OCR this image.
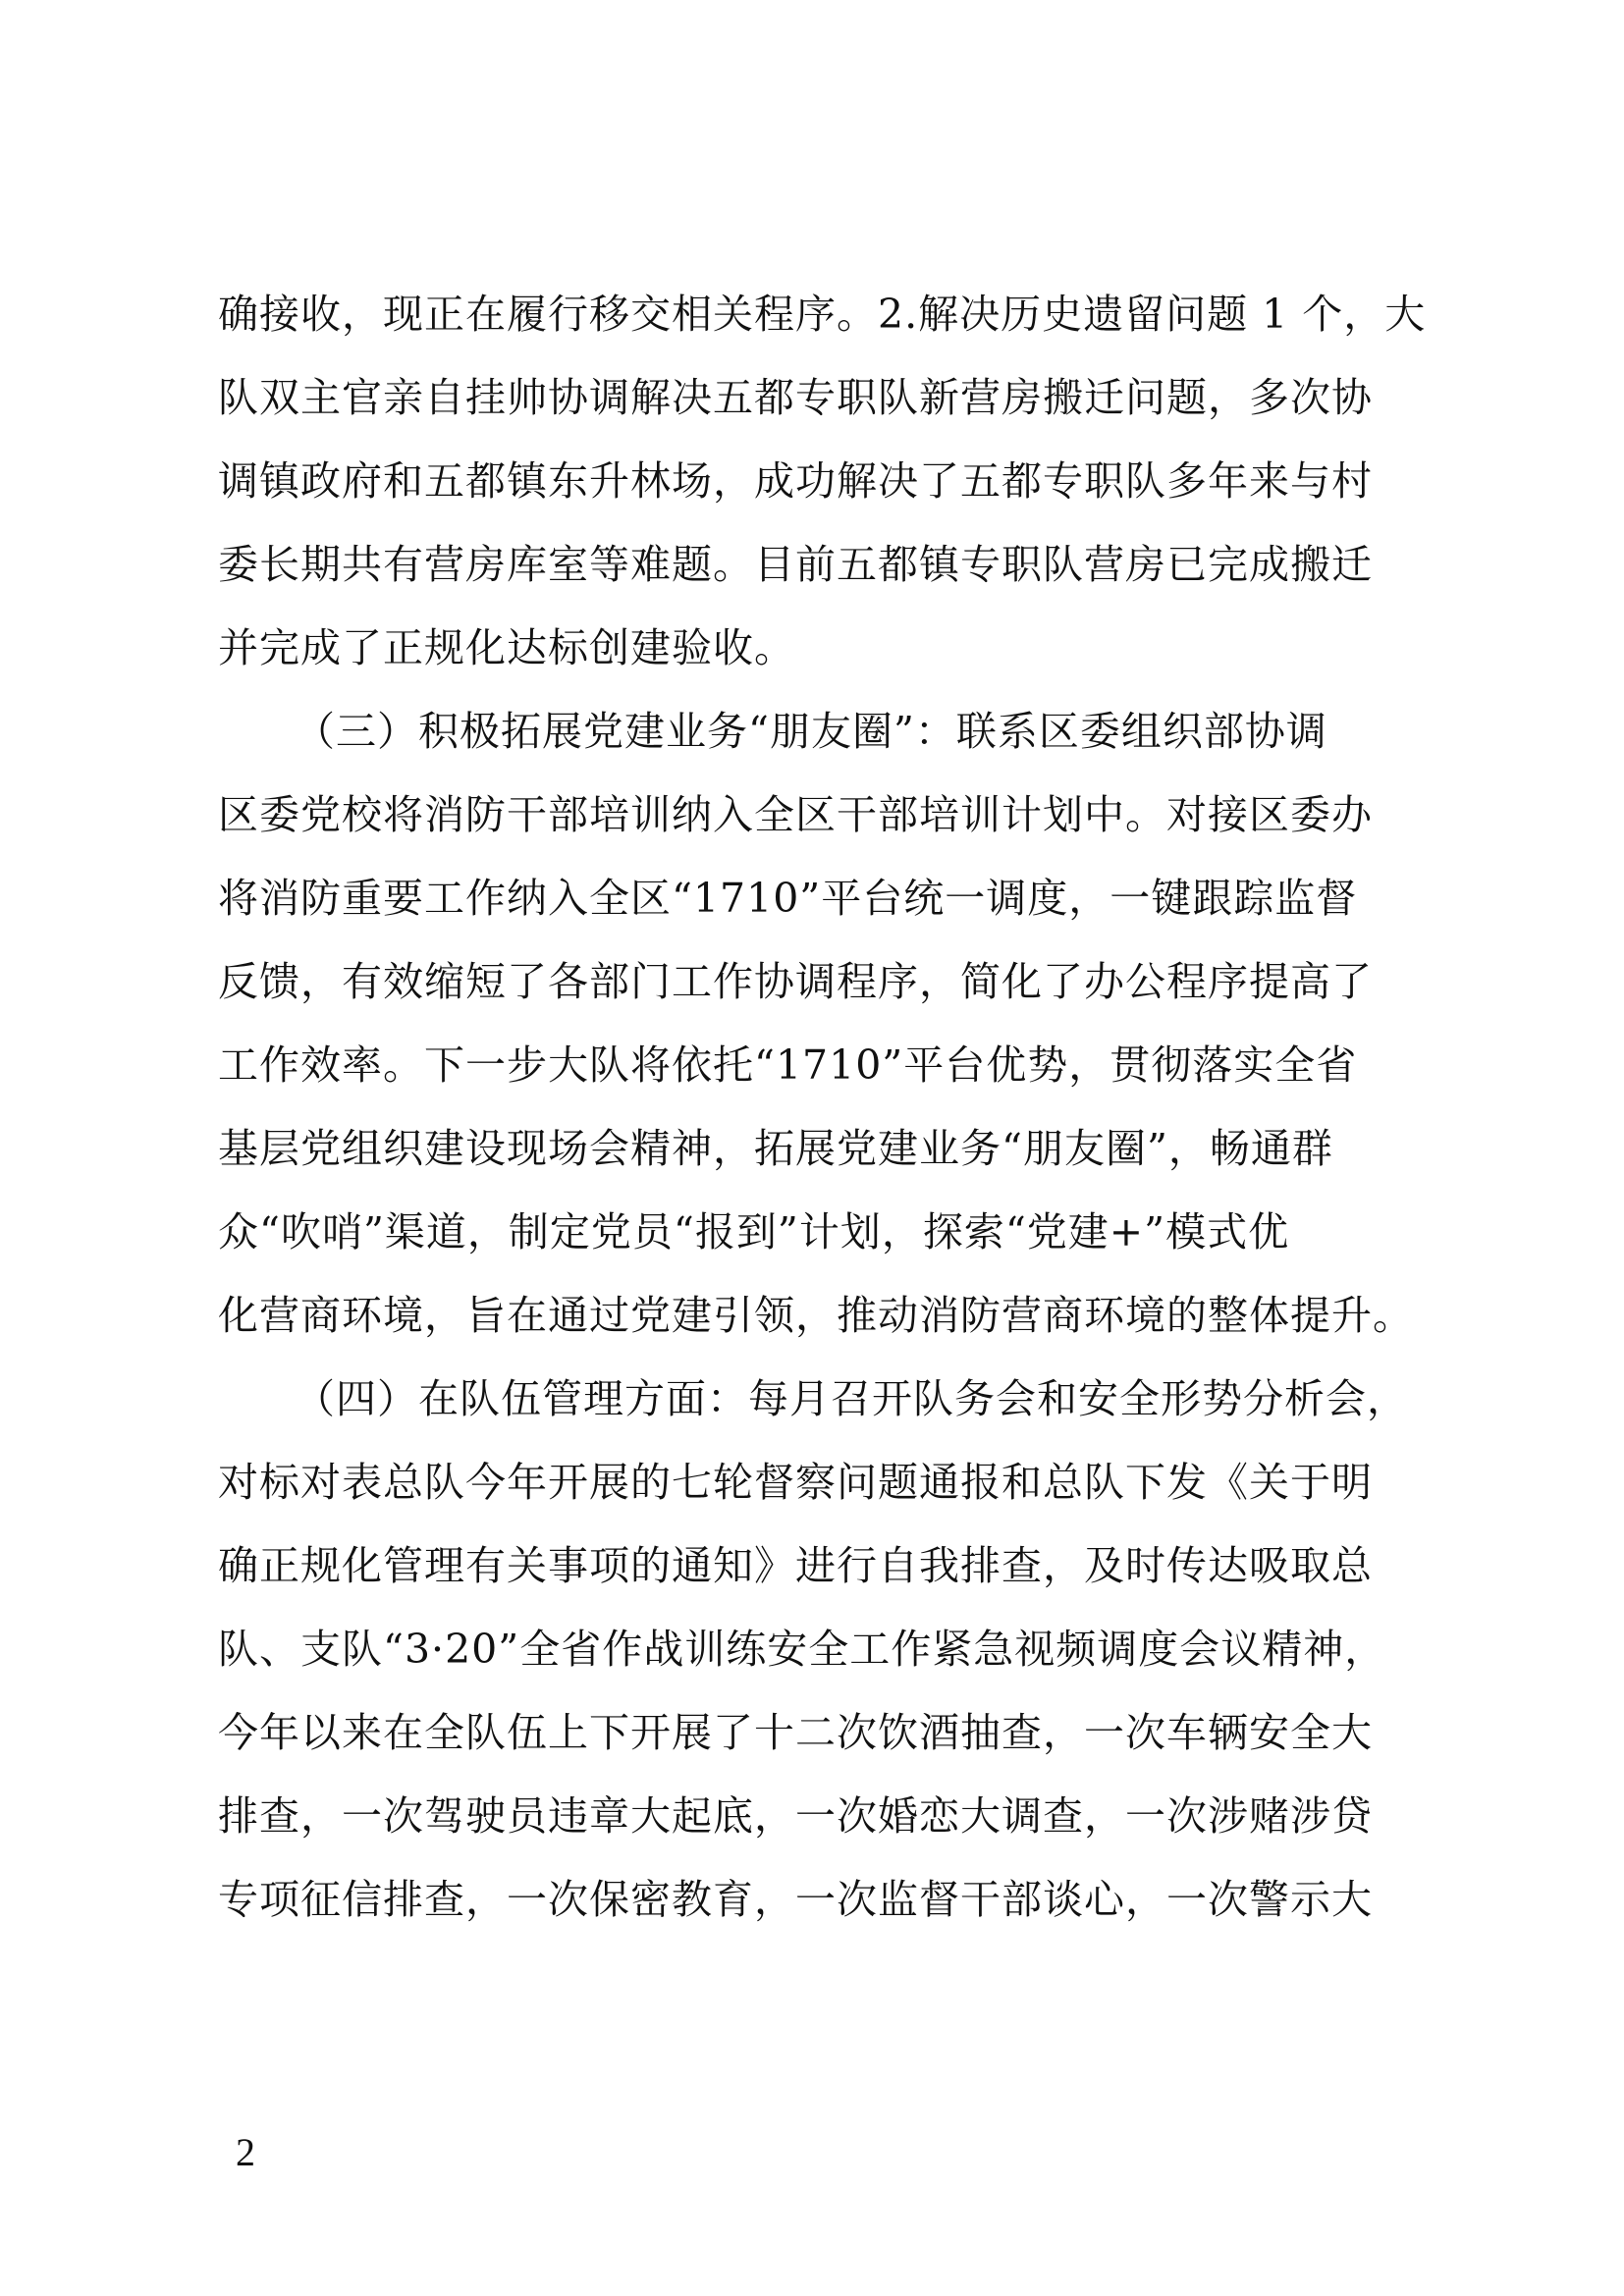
确接收，现正在履行移交相关程序。2.解决历史遗留问题 1 个，大
队双主官亲自挂帅协调解决五都专职队新营房搬迁问题，多次协
调镇政府和五都镇东升林场，成功解决了五都专职队多年来与村
委长期共有营房库室等难题。目前五都镇专职队营房已完成搬迁
并完成了正规化达标创建验收。
（三）积极拓展党建业务“朋友圈”：联系区委组织部协调
区委党校将消防干部培训纳入全区干部培训计划中。对接区委办
将消防重要工作纳入全区“1710”平台统一调度，一键跟踪监督
反馈，有效缩短了各部门工作协调程序，简化了办公程序提高了
工作效率。下一步大队将依托“1710”平台优势，贯彻落实全省
基层党组织建设现场会精神，拓展党建业务“朋友圈”，畅通群
众“吹哨”渠道，制定党员“报到”计划，探索“党建+”模式优
化营商环境，旨在通过党建引领，推动消防营商环境的整体提升。
（四）在队伍管理方面：每月召开队务会和安全形势分析会，
对标对表总队今年开展的七轮督察问题通报和总队下发《关于明
确正规化管理有关事项的通知》进行自我排查，及时传达吸取总
队、支队“3·20”全省作战训练安全工作紧急视频调度会议精神，
今年以来在全队伍上下开展了十二次饮酒抽查，一次车辆安全大
排查，一次驾驶员违章大起底，一次婚恋大调查，一次涉赌涉贷
专项征信排查，一次保密教育，一次监督干部谈心，一次警示大
2
